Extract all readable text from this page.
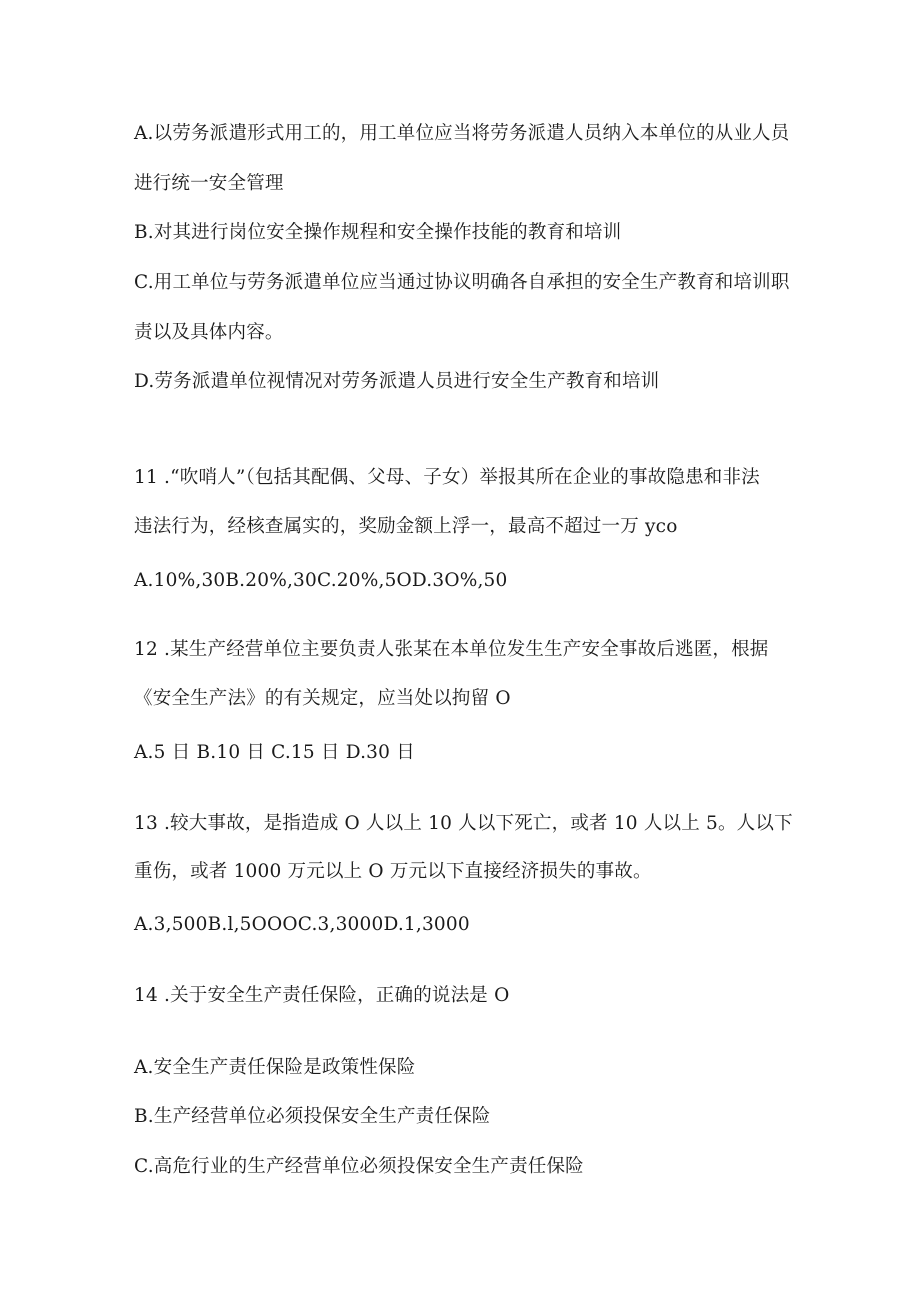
A.以劳务派遣形式用工的，用工单位应当将劳务派遣人员纳入本单位的从业人员
进行统一安全管理
B.对其进行岗位安全操作规程和安全操作技能的教育和培训
C.用工单位与劳务派遣单位应当通过协议明确各自承担的安全生产教育和培训职
责以及具体内容。
D.劳务派遣单位视情况对劳务派遣人员进行安全生产教育和培训
11 .“吹哨人”（包括其配偶、父母、子女）举报其所在企业的事故隐患和非法
违法行为，经核查属实的，奖励金额上浮一，最高不超过一万 yco
A.10%,30B.20%,30C.20%,5OD.3O%,50
12 .某生产经营单位主要负责人张某在本单位发生生产安全事故后逃匿，根据
《安全生产法》的有关规定，应当处以拘留 O
A.5 日 B.10 日 C.15 日 D.30 日
13 .较大事故，是指造成 O 人以上 10 人以下死亡，或者 10 人以上 5。人以下
重伤，或者 1000 万元以上 O 万元以下直接经济损失的事故。
A.3,500B.l,5OOOC.3,3000D.1,3000
14 .关于安全生产责任保险，正确的说法是 O
A.安全生产责任保险是政策性保险
B.生产经营单位必须投保安全生产责任保险
C.高危行业的生产经营单位必须投保安全生产责任保险
